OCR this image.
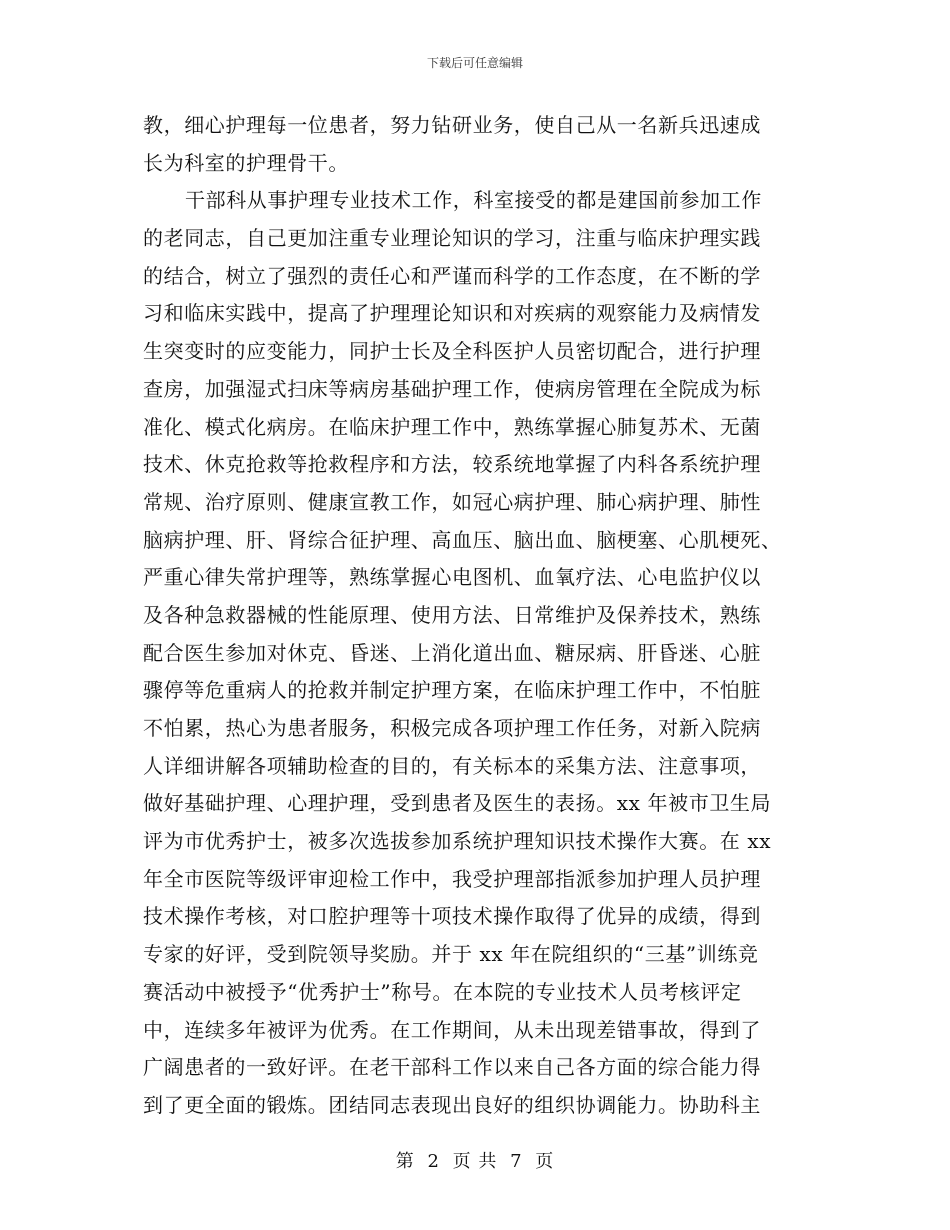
下载后可任意编辑
教，细心护理每一位患者，努力钻研业务，使自己从一名新兵迅速成
长为科室的护理骨干。
干部科从事护理专业技术工作，科室接受的都是建国前参加工作
的老同志，自己更加注重专业理论知识的学习，注重与临床护理实践
的结合，树立了强烈的责任心和严谨而科学的工作态度，在不断的学
习和临床实践中，提高了护理理论知识和对疾病的观察能力及病情发
生突变时的应变能力，同护士长及全科医护人员密切配合，进行护理
查房，加强湿式扫床等病房基础护理工作，使病房管理在全院成为标
准化、模式化病房。在临床护理工作中，熟练掌握心肺复苏术、无菌
技术、休克抢救等抢救程序和方法，较系统地掌握了内科各系统护理
常规、治疗原则、健康宣教工作，如冠心病护理、肺心病护理、肺性
脑病护理、肝、肾综合征护理、高血压、脑出血、脑梗塞、心肌梗死、
严重心律失常护理等，熟练掌握心电图机、血氧疗法、心电监护仪以
及各种急救器械的性能原理、使用方法、日常维护及保养技术，熟练
配合医生参加对休克、昏迷、上消化道出血、糖尿病、肝昏迷、心脏
骤停等危重病人的抢救并制定护理方案，在临床护理工作中，不怕脏
不怕累，热心为患者服务，积极完成各项护理工作任务，对新入院病
人详细讲解各项辅助检查的目的，有关标本的采集方法、注意事项，
做好基础护理、心理护理，受到患者及医生的表扬。xx 年被市卫生局
评为市优秀护士，被多次选拔参加系统护理知识技术操作大赛。在 xx
年全市医院等级评审迎检工作中，我受护理部指派参加护理人员护理
技术操作考核，对口腔护理等十项技术操作取得了优异的成绩，得到
专家的好评，受到院领导奖励。并于 xx 年在院组织的“三基”训练竞
赛活动中被授予“优秀护士”称号。在本院的专业技术人员考核评定
中，连续多年被评为优秀。在工作期间，从未出现差错事故，得到了
广阔患者的一致好评。在老干部科工作以来自己各方面的综合能力得
到了更全面的锻炼。团结同志表现出良好的组织协调能力。协助科主
第 2 页 共 7 页
